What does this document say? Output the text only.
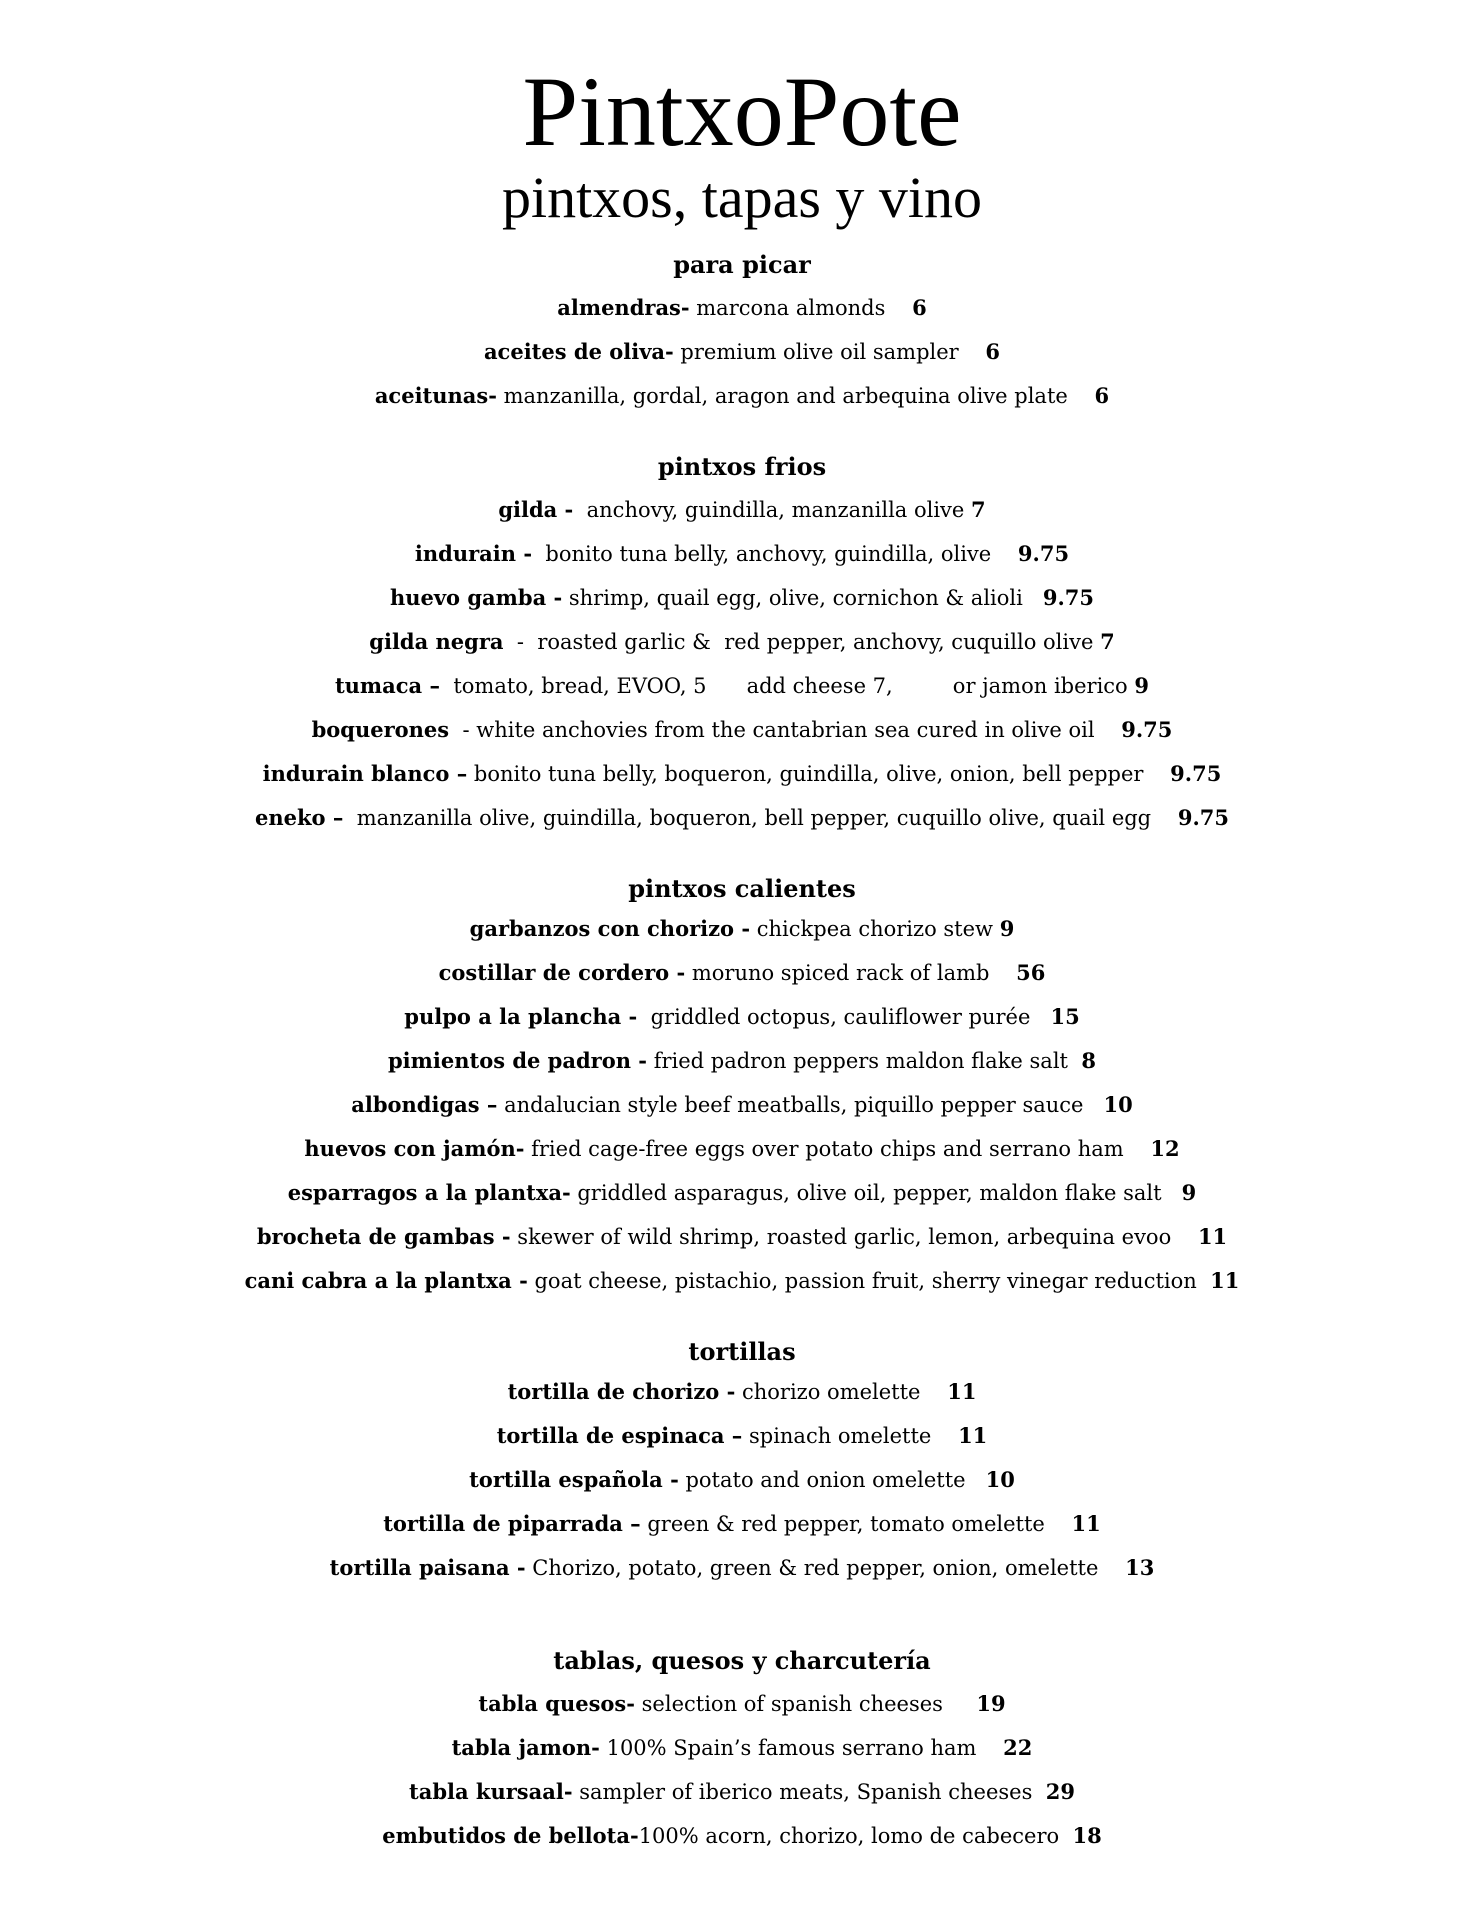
PintxoPote
pintxos, tapas y vino
para picar

almendras- marcona almonds 6

aceites de oliva- premium olive oil sampler 6

aceitunas- manzanilla, gordal, aragon and arbequina olive plate 6

pintxos frios

gilda -  anchovy, guindilla, manzanilla olive 7

indurain -  bonito tuna belly, anchovy, guindilla, olive 9.75

huevo gamba - shrimp, quail egg, olive, cornichon & alioli 9.75

gilda negra  -  roasted garlic &  red pepper, anchovy, cuquillo olive 7

tumaca –  tomato, bread, EVOO, 5      add cheese 7,         or jamon iberico 9

boquerones  - white anchovies from the cantabrian sea cured in olive oil 9.75

indurain blanco – bonito tuna belly, boqueron, guindilla, olive, onion, bell pepper 9.75

eneko –  manzanilla olive, guindilla, boqueron, bell pepper, cuquillo olive, quail egg 9.75

pintxos calientes

garbanzos con chorizo - chickpea chorizo stew 9

costillar de cordero - moruno spiced rack of lamb 56

pulpo a la plancha -  griddled octopus, cauliflower purée 15

pimientos de padron - fried padron peppers maldon flake salt 8

albondigas – andalucian style beef meatballs, piquillo pepper sauce 10

huevos con jamón- fried cage-free eggs over potato chips and serrano ham 12

esparragos a la plantxa- griddled asparagus, olive oil, pepper, maldon flake salt 9

brocheta de gambas - skewer of wild shrimp, roasted garlic, lemon, arbequina evoo 11

cani cabra a la plantxa - goat cheese, pistachio, passion fruit, sherry vinegar reduction 11

tortillas

tortilla de chorizo - chorizo omelette 11

tortilla de espinaca – spinach omelette 11

tortilla española - potato and onion omelette 10

tortilla de piparrada – green & red pepper, tomato omelette 11

tortilla paisana - Chorizo, potato, green & red pepper, onion, omelette 13

tablas, quesos y charcutería

tabla quesos- selection of spanish cheeses 19

tabla jamon- 100% Spain’s famous serrano ham 22

tabla kursaal- sampler of iberico meats, Spanish cheeses 29

embutidos de bellota-100% acorn, chorizo, lomo de cabecero 18
